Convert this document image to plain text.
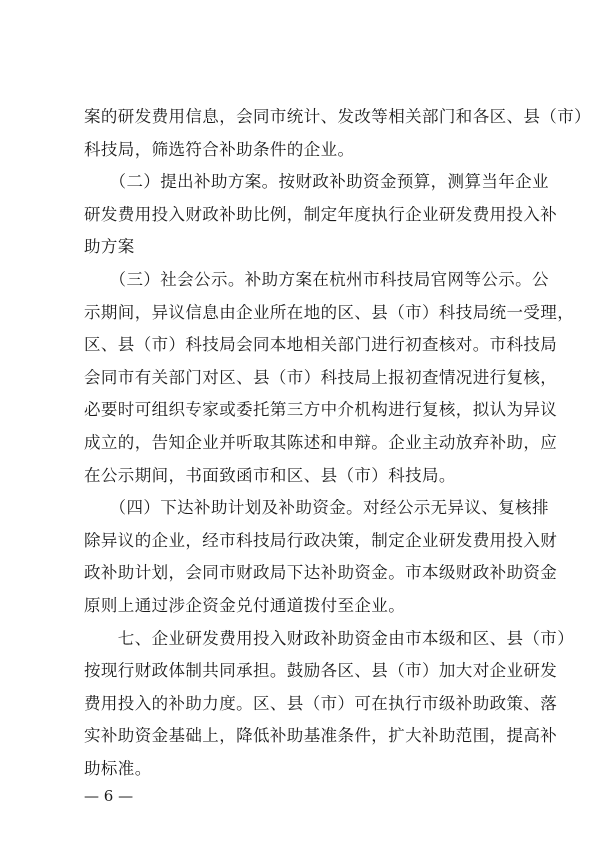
案的研发费用信息，会同市统计、发改等相关部门和各区、县（市）
科技局，筛选符合补助条件的企业。
　　（二）提出补助方案。按财政补助资金预算，测算当年企业
研发费用投入财政补助比例，制定年度执行企业研发费用投入补
助方案
　　（三）社会公示。补助方案在杭州市科技局官网等公示。公
示期间，异议信息由企业所在地的区、县（市）科技局统一受理，
区、县（市）科技局会同本地相关部门进行初查核对。市科技局
会同市有关部门对区、县（市）科技局上报初查情况进行复核，
必要时可组织专家或委托第三方中介机构进行复核，拟认为异议
成立的，告知企业并听取其陈述和申辩。企业主动放弃补助，应
在公示期间，书面致函市和区、县（市）科技局。
　　（四）下达补助计划及补助资金。对经公示无异议、复核排
除异议的企业，经市科技局行政决策，制定企业研发费用投入财
政补助计划，会同市财政局下达补助资金。市本级财政补助资金
原则上通过涉企资金兑付通道拨付至企业。
　　七、企业研发费用投入财政补助资金由市本级和区、县（市）
按现行财政体制共同承担。鼓励各区、县（市）加大对企业研发
费用投入的补助力度。区、县（市）可在执行市级补助政策、落
实补助资金基础上，降低补助基准条件，扩大补助范围，提高补
助标准。
— 6 —
